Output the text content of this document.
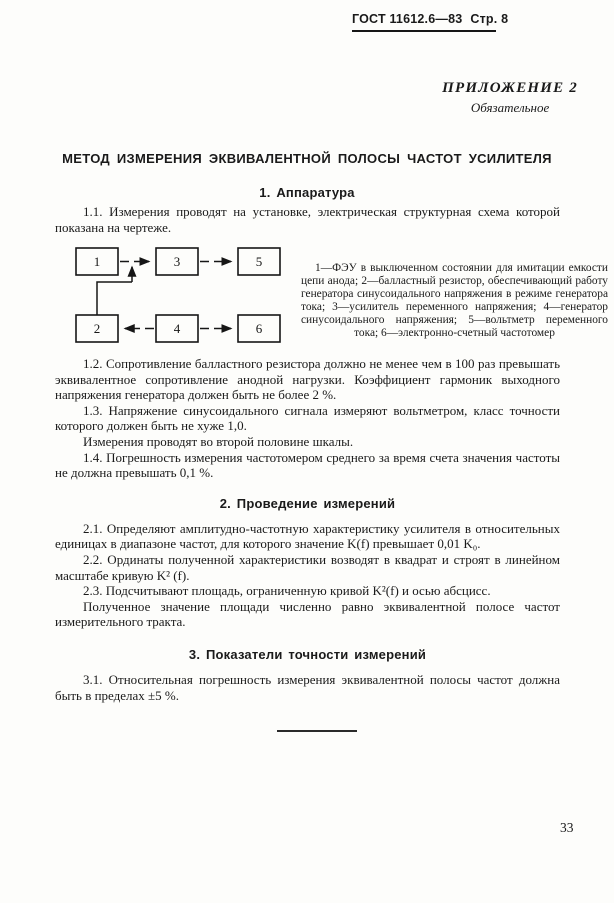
ГОСТ 11612.6—83 Стр. 8
ПРИЛОЖЕНИЕ 2
Обязательное
МЕТОД ИЗМЕРЕНИЯ ЭКВИВАЛЕНТНОЙ ПОЛОСЫ ЧАСТОТ УСИЛИТЕЛЯ
1. Аппаратура

1.1. Измерения проводят на установке, электрическая структурная схема которой показана на чертеже.

1	3	5
2	4	6
1—ФЭУ в выключенном состоянии для имитации емкости цепи анода; 2—балластный резистор, обеспечивающий работу генератора синусоидального напряжения в режиме генератора тока; 3—усилитель переменного напряжения; 4—генератор синусоидального напряжения; 5—вольтметр переменного тока; 6—электронно-счетный частотомер

1.2. Сопротивление балластного резистора должно не менее чем в 100 раз превышать эквивалентное сопротивление анодной нагрузки. Коэффициент гармоник выходного напряжения генератора должен быть не более 2 %.

1.3. Напряжение синусоидального сигнала измеряют вольтметром, класс точности которого должен быть не хуже 1,0.

Измерения проводят во второй половине шкалы.

1.4. Погрешность измерения частотомером среднего за время счета значения частоты не должна превышать 0,1 %.

2. Проведение измерений

2.1. Определяют амплитудно-частотную характеристику усилителя в относительных единицах в диапазоне частот, для которого значение K(f) превышает 0,01 K₀.

2.2. Ординаты полученной характеристики возводят в квадрат и строят в линейном масштабе кривую K² (f).

2.3. Подсчитывают площадь, ограниченную кривой K²(f) и осью абсцисс.

Полученное значение площади численно равно эквивалентной полосе частот измерительного тракта.

3. Показатели точности измерений

3.1. Относительная погрешность измерения эквивалентной полосы частот должна быть в пределах ±5 %.

33
